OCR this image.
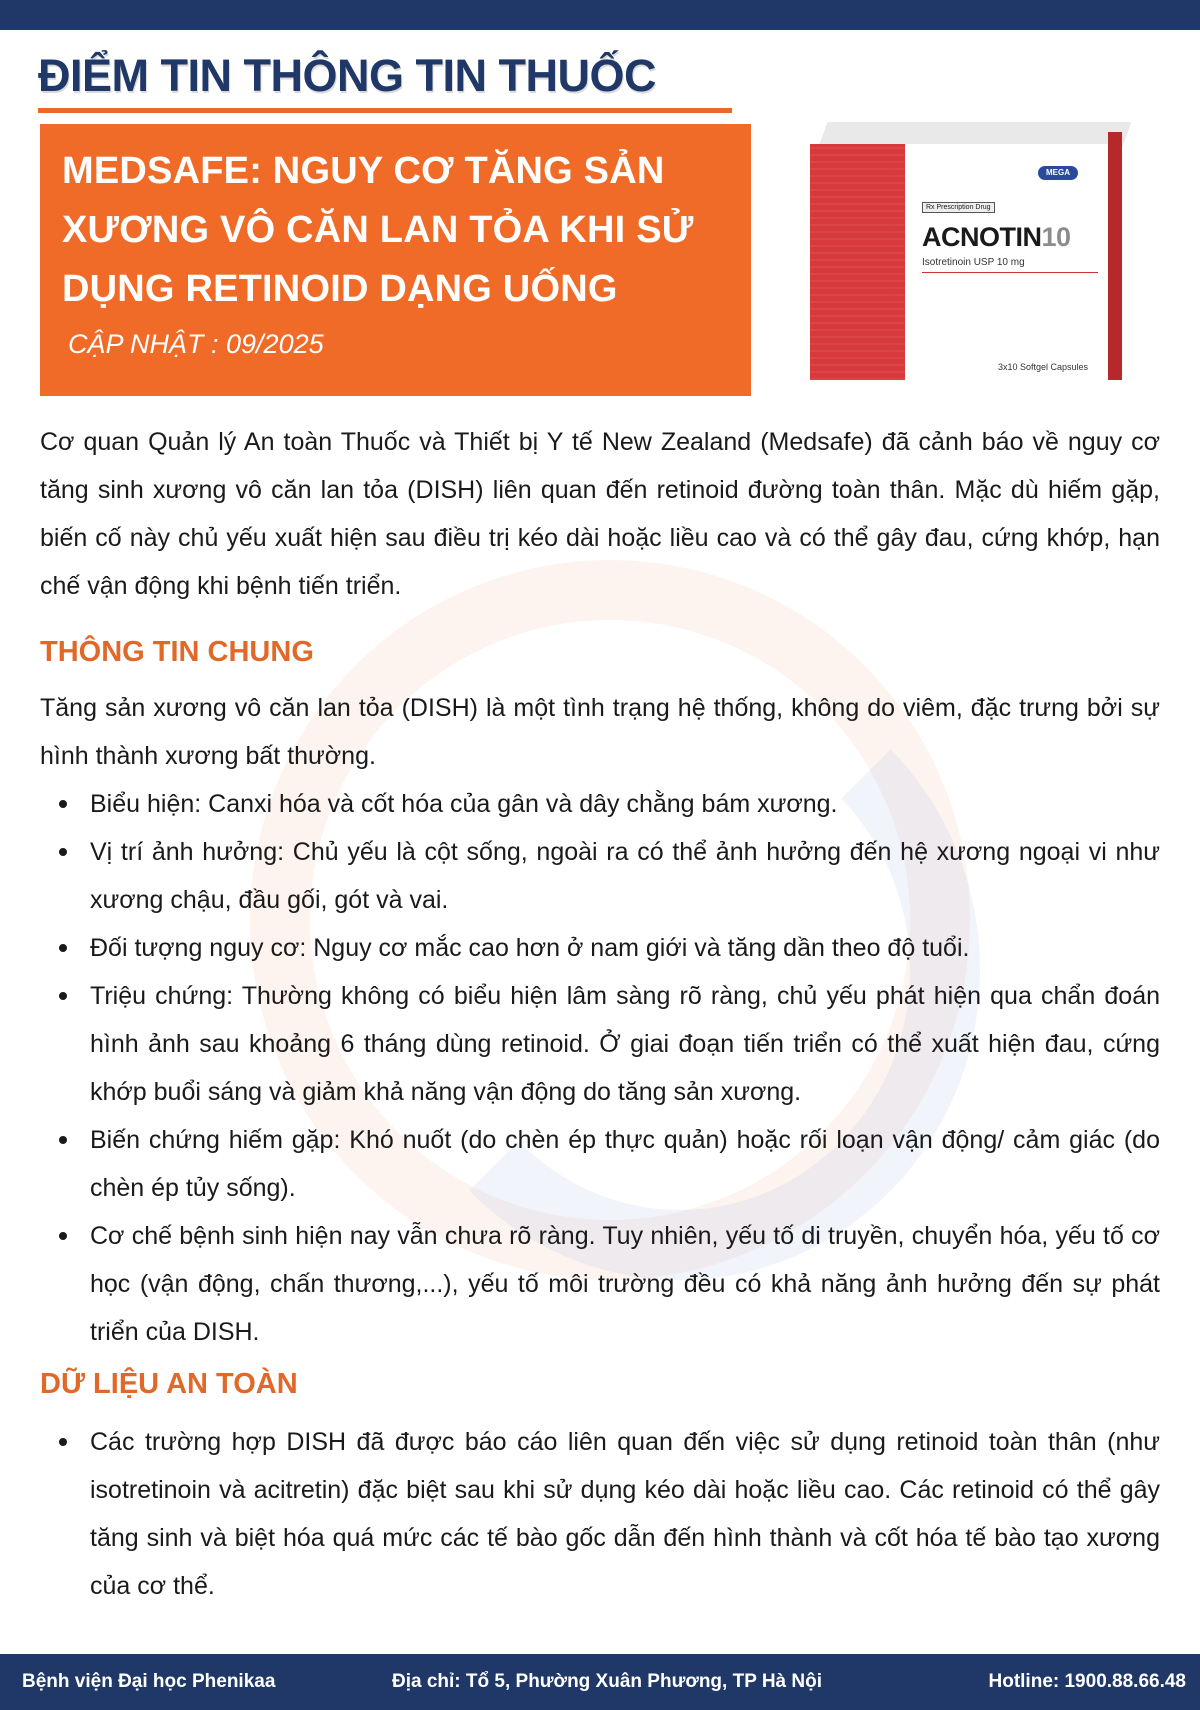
ĐIỂM TIN THÔNG TIN THUỐC
MEDSAFE: NGUY CƠ TĂNG SẢN
XƯƠNG VÔ CĂN LAN TỎA KHI SỬ
DỤNG RETINOID DẠNG UỐNG
CẬP NHẬT : 09/2025
MEGA
Rx Prescription Drug
ACNOTIN10
Isotretinoin USP 10 mg
3x10 Softgel Capsules

Cơ quan Quản lý An toàn Thuốc và Thiết bị Y tế New Zealand (Medsafe) đã cảnh báo về nguy cơ tăng sinh xương vô căn lan tỏa (DISH) liên quan đến retinoid đường toàn thân. Mặc dù hiếm gặp, biến cố này chủ yếu xuất hiện sau điều trị kéo dài hoặc liều cao và có thể gây đau, cứng khớp, hạn chế vận động khi bệnh tiến triển.

THÔNG TIN CHUNG

Tăng sản xương vô căn lan tỏa (DISH) là một tình trạng hệ thống, không do viêm, đặc trưng bởi sự hình thành xương bất thường.

Biểu hiện: Canxi hóa và cốt hóa của gân và dây chằng bám xương.
Vị trí ảnh hưởng: Chủ yếu là cột sống, ngoài ra có thể ảnh hưởng đến hệ xương ngoại vi như xương chậu, đầu gối, gót và vai.
Đối tượng nguy cơ: Nguy cơ mắc cao hơn ở nam giới và tăng dần theo độ tuổi.
Triệu chứng: Thường không có biểu hiện lâm sàng rõ ràng, chủ yếu phát hiện qua chẩn đoán hình ảnh sau khoảng 6 tháng dùng retinoid. Ở giai đoạn tiến triển có thể xuất hiện đau, cứng khớp buổi sáng và giảm khả năng vận động do tăng sản xương.
Biến chứng hiếm gặp: Khó nuốt (do chèn ép thực quản) hoặc rối loạn vận động/ cảm giác (do chèn ép tủy sống).
Cơ chế bệnh sinh hiện nay vẫn chưa rõ ràng. Tuy nhiên, yếu tố di truyền, chuyển hóa, yếu tố cơ học (vận động, chấn thương,...), yếu tố môi trường đều có khả năng ảnh hưởng đến sự phát triển của DISH.
DỮ LIỆU AN TOÀN
Các trường hợp DISH đã được báo cáo liên quan đến việc sử dụng retinoid toàn thân (như isotretinoin và acitretin) đặc biệt sau khi sử dụng kéo dài hoặc liều cao. Các retinoid có thể gây tăng sinh và biệt hóa quá mức các tế bào gốc dẫn đến hình thành và cốt hóa tế bào tạo xương của cơ thể.
Bệnh viện Đại học Phenikaa	Địa chỉ: Tổ 5, Phường Xuân Phương, TP Hà Nội	Hotline: 1900.88.66.48
